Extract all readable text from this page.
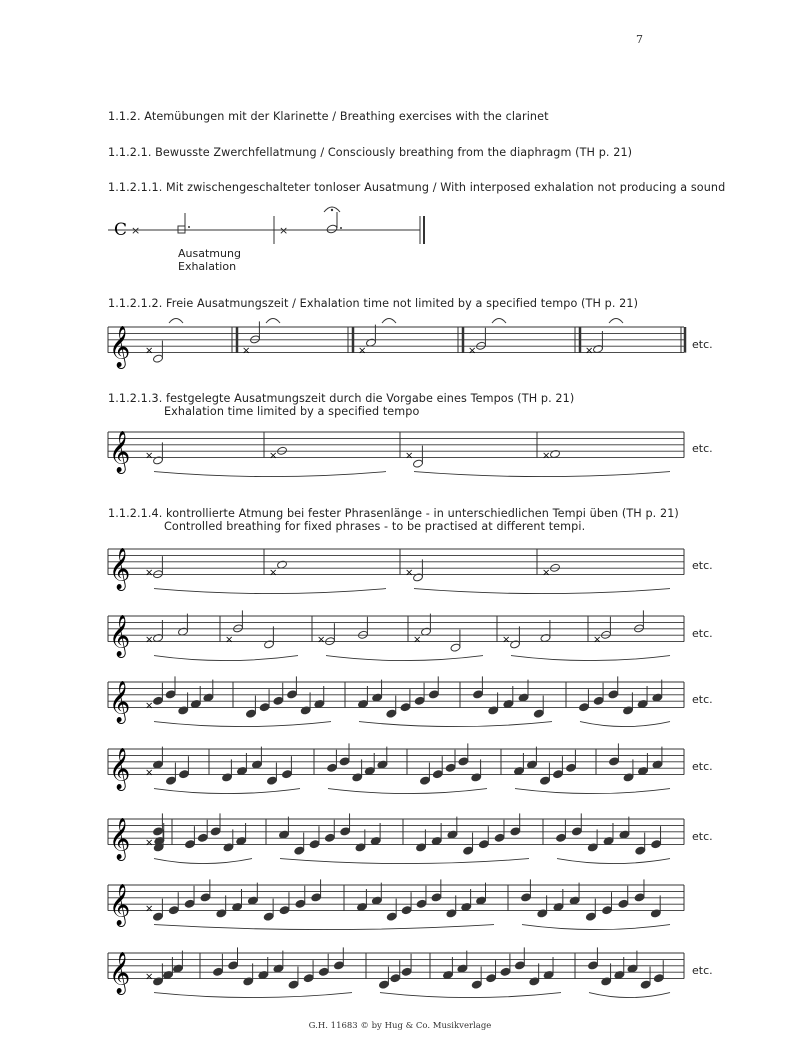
7
1.1.2. Atemübungen mit der Klarinette / Breathing exercises with the clarinet
1.1.2.1. Bewusste Zwerchfellatmung / Consciously breathing from the diaphragm (TH p. 21)
1.1.2.1.1. Mit zwischengeschalteter tonloser Ausatmung / With interposed exhalation not producing a sound
C ×	×
Ausatmung
Exhalation
1.1.2.1.2. Freie Ausatmungszeit / Exhalation time not limited by a specified tempo (TH p. 21)
𝄞 ×	×	×	×	×
𝄞 ×	×	×	×
𝄞 ×	×	×	×
𝄞 ×	×	×	×	×	×
𝄞 ×
𝄞 ×
𝄞 ×
𝄞 ×
𝄞 ×
etc.
1.1.2.1.3. festgelegte Ausatmungszeit durch die Vorgabe eines Tempos (TH p. 21)
Exhalation time limited by a specified tempo
etc.
1.1.2.1.4. kontrollierte Atmung bei fester Phrasenlänge - in unterschiedlichen Tempi üben (TH p. 21)
Controlled breathing for fixed phrases - to be practised at different tempi.
etc.
etc.
etc.
etc.
etc.
etc.
G.H. 11683 © by Hug & Co. Musikverlage
